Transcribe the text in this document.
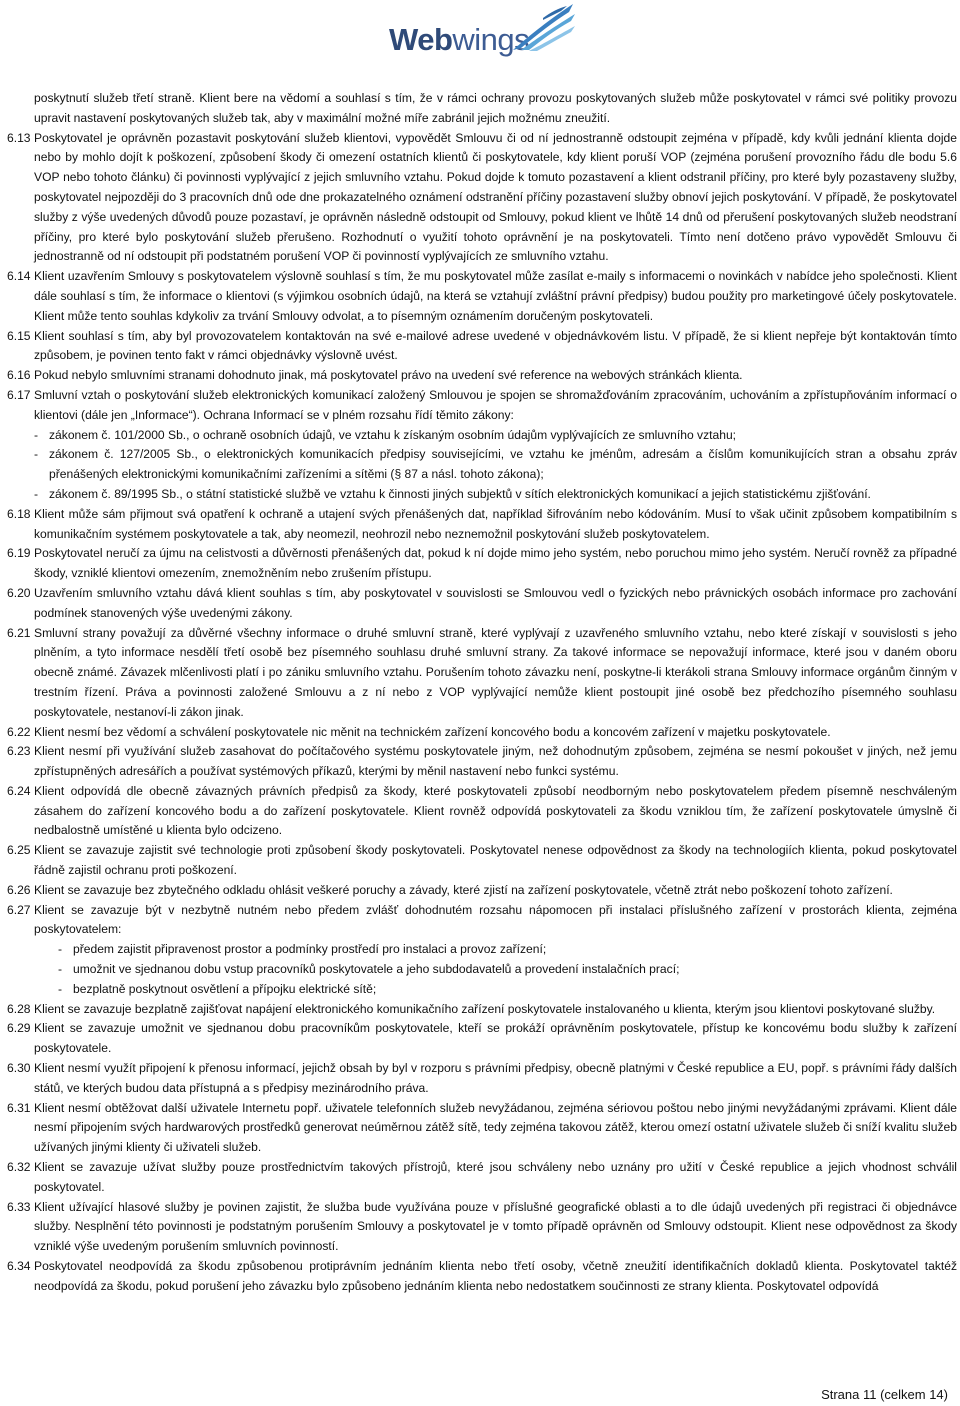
Webwings

poskytnutí služeb třetí straně. Klient bere na vědomí a souhlasí s tím, že v rámci ochrany provozu poskytovaných služeb může poskytovatel v rámci své politiky provozu upravit nastavení poskytovaných služeb tak, aby v maximální možné míře zabránil jejich možnému zneužití.

6.13 Poskytovatel je oprávněn pozastavit poskytování služeb klientovi, vypovědět Smlouvu či od ní jednostranně odstoupit zejména v případě, kdy kvůli jednání klienta dojde nebo by mohlo dojít k poškození, způsobení škody či omezení ostatních klientů či poskytovatele, kdy klient poruší VOP (zejména porušení provozního řádu dle bodu 5.6 VOP nebo tohoto článku) či povinnosti vyplývající z jejich smluvního vztahu. Pokud dojde k tomuto pozastavení a klient odstranil příčiny, pro které byly pozastaveny služby, poskytovatel nejpozději do 3 pracovních dnů ode dne prokazatelného oznámení odstranění příčiny pozastavení služby obnoví jejich poskytování. V případě, že poskytovatel služby z výše uvedených důvodů pouze pozastaví, je oprávněn následně odstoupit od Smlouvy, pokud klient ve lhůtě 14 dnů od přerušení poskytovaných služeb neodstraní příčiny, pro které bylo poskytování služeb přerušeno. Rozhodnutí o využití tohoto oprávnění je na poskytovateli. Tímto není dotčeno právo vypovědět Smlouvu či jednostranně od ní odstoupit při podstatném porušení VOP či povinností vyplývajících ze smluvního vztahu.

6.14 Klient uzavřením Smlouvy s poskytovatelem výslovně souhlasí s tím, že mu poskytovatel může zasílat e-maily s informacemi o novinkách v nabídce jeho společnosti. Klient dále souhlasí s tím, že informace o klientovi (s výjimkou osobních údajů, na která se vztahují zvláštní právní předpisy) budou použity pro marketingové účely poskytovatele. Klient může tento souhlas kdykoliv za trvání Smlouvy odvolat, a to písemným oznámením doručeným poskytovateli.

6.15 Klient souhlasí s tím, aby byl provozovatelem kontaktován na své e-mailové adrese uvedené v objednávkovém listu. V případě, že si klient nepřeje být kontaktován tímto způsobem, je povinen tento fakt v rámci objednávky výslovně uvést.

6.16 Pokud nebylo smluvními stranami dohodnuto jinak, má poskytovatel právo na uvedení své reference na webových stránkách klienta.

6.17 Smluvní vztah o poskytování služeb elektronických komunikací založený Smlouvou je spojen se shromažďováním zpracováním, uchováním a zpřístupňováním informací o klientovi (dále jen „Informace“). Ochrana Informací se v plném rozsahu řídí těmito zákony:

- zákonem č. 101/2000 Sb., o ochraně osobních údajů, ve vztahu k získaným osobním údajům vyplývajících ze smluvního vztahu;
- zákonem č. 127/2005 Sb., o elektronických komunikacích předpisy souvisejícími, ve vztahu ke jménům, adresám a číslům komunikujících stran a obsahu zpráv přenášených elektronickými komunikačními zařízeními a sítěmi (§ 87 a násl. tohoto zákona);
- zákonem č. 89/1995 Sb., o státní statistické službě ve vztahu k činnosti jiných subjektů v sítích elektronických komunikací a jejich statistickému zjišťování.
6.18 Klient může sám přijmout svá opatření k ochraně a utajení svých přenášených dat, například šifrováním nebo kódováním. Musí to však učinit způsobem kompatibilním s komunikačním systémem poskytovatele a tak, aby neomezil, neohrozil nebo neznemožnil poskytování služeb poskytovatelem.

6.19 Poskytovatel neručí za újmu na celistvosti a důvěrnosti přenášených dat, pokud k ní dojde mimo jeho systém, nebo poruchou mimo jeho systém. Neručí rovněž za případné škody, vzniklé klientovi omezením, znemožněním nebo zrušením přístupu.

6.20 Uzavřením smluvního vztahu dává klient souhlas s tím, aby poskytovatel v souvislosti se Smlouvou vedl o fyzických nebo právnických osobách informace pro zachování podmínek stanovených výše uvedenými zákony.

6.21 Smluvní strany považují za důvěrné všechny informace o druhé smluvní straně, které vyplývají z uzavřeného smluvního vztahu, nebo které získají v souvislosti s jeho plněním, a tyto informace nesdělí třetí osobě bez písemného souhlasu druhé smluvní strany. Za takové informace se nepovažují informace, které jsou v daném oboru obecně známé. Závazek mlčenlivosti platí i po zániku smluvního vztahu. Porušením tohoto závazku není, poskytne-li kterákoli strana Smlouvy informace orgánům činným v trestním řízení. Práva a povinnosti založené Smlouvu a z ní nebo z VOP vyplývající nemůže klient postoupit jiné osobě bez předchozího písemného souhlasu poskytovatele, nestanoví-li zákon jinak.

6.22 Klient nesmí bez vědomí a schválení poskytovatele nic měnit na technickém zařízení koncového bodu a koncovém zařízení v majetku poskytovatele.

6.23 Klient nesmí při využívání služeb zasahovat do počítačového systému poskytovatele jiným, než dohodnutým způsobem, zejména se nesmí pokoušet v jiných, než jemu zpřístupněných adresářích a používat systémových příkazů, kterými by měnil nastavení nebo funkci systému.

6.24 Klient odpovídá dle obecně závazných právních předpisů za škody, které poskytovateli způsobí neodborným nebo poskytovatelem předem písemně neschváleným zásahem do zařízení koncového bodu a do zařízení poskytovatele. Klient rovněž odpovídá poskytovateli za škodu vzniklou tím, že zařízení poskytovatele úmyslně či nedbalostně umístěné u klienta bylo odcizeno.

6.25 Klient se zavazuje zajistit své technologie proti způsobení škody poskytovateli. Poskytovatel nenese odpovědnost za škody na technologiích klienta, pokud poskytovatel řádně zajistil ochranu proti poškození.

6.26 Klient se zavazuje bez zbytečného odkladu ohlásit veškeré poruchy a závady, které zjistí na zařízení poskytovatele, včetně ztrát nebo poškození tohoto zařízení.

6.27 Klient se zavazuje být v nezbytně nutném nebo předem zvlášť dohodnutém rozsahu nápomocen při instalaci příslušného zařízení v prostorách klienta, zejména poskytovatelem:

- předem zajistit připravenost prostor a podmínky prostředí pro instalaci a provoz zařízení;
- umožnit ve sjednanou dobu vstup pracovníků poskytovatele a jeho subdodavatelů a provedení instalačních prací;
- bezplatně poskytnout osvětlení a přípojku elektrické sítě;
6.28 Klient se zavazuje bezplatně zajišťovat napájení elektronického komunikačního zařízení poskytovatele instalovaného u klienta, kterým jsou klientovi poskytované služby.

6.29 Klient se zavazuje umožnit ve sjednanou dobu pracovníkům poskytovatele, kteří se prokáží oprávněním poskytovatele, přístup ke koncovému bodu služby k zařízení poskytovatele.

6.30 Klient nesmí využít připojení k přenosu informací, jejichž obsah by byl v rozporu s právními předpisy, obecně platnými v České republice a EU, popř. s právními řády dalších států, ve kterých budou data přístupná a s předpisy mezinárodního práva.

6.31 Klient nesmí obtěžovat další uživatele Internetu popř. uživatele telefonních služeb nevyžádanou, zejména sériovou poštou nebo jinými nevyžádanými zprávami. Klient dále nesmí připojením svých hardwarových prostředků generovat neúměrnou zátěž sítě, tedy zejména takovou zátěž, kterou omezí ostatní uživatele služeb či sníží kvalitu služeb užívaných jinými klienty či uživateli služeb.

6.32 Klient se zavazuje užívat služby pouze prostřednictvím takových přístrojů, které jsou schváleny nebo uznány pro užití v České republice a jejich vhodnost schválil poskytovatel.

6.33 Klient užívající hlasové služby je povinen zajistit, že služba bude využívána pouze v příslušné geografické oblasti a to dle údajů uvedených při registraci či objednávce služby. Nesplnění této povinnosti je podstatným porušením Smlouvy a poskytovatel je v tomto případě oprávněn od Smlouvy odstoupit. Klient nese odpovědnost za škody vzniklé výše uvedeným porušením smluvních povinností.

6.34 Poskytovatel neodpovídá za škodu způsobenou protiprávním jednáním klienta nebo třetí osoby, včetně zneužití identifikačních dokladů klienta. Poskytovatel taktéž neodpovídá za škodu, pokud porušení jeho závazku bylo způsobeno jednáním klienta nebo nedostatkem součinnosti ze strany klienta. Poskytovatel odpovídá

Strana 11 (celkem 14)
